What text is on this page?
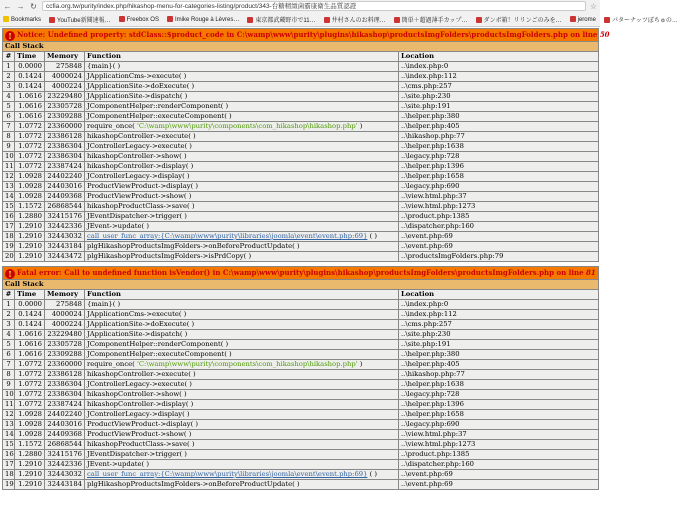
← → ↻	ccfia.org.tw/purity/index.php/hikashop-menu-for-categories-listing/product/343-台糖精緻菌霸康衛生品質認證	☆
Bookmarks	YouTube新聞速報…	Freebox OS	Imike Rouge à Lèvres…	東京都武蔵野市で11…	井村さんのお料理…	簡単＋超過薄手カップ…	ダンボ箱！リリンごのみを…	jerome	パターナッツぽちゅの…
! Notice: Undefined property: stdClass::$product_code in C:\wamp\www\purity\plugins\hikashop\productsImgFolders\productsImgFolders.php on line 50				
Call Stack				
#	Time	Memory	Function	Location
1	0.0000	275848	{main}( )	..\index.php:0
2	0.1424	4000024	JApplicationCms->execute( )	..\index.php:112
3	0.1424	4000224	JApplicationSite->doExecute( )	..\cms.php:257
4	1.0616	23229480	JApplicationSite->dispatch( )	..\site.php:230
5	1.0616	23305728	JComponentHelper::renderComponent( )	..\site.php:191
6	1.0616	23309288	JComponentHelper::executeComponent( )	..\helper.php:380
7	1.0772	23360000	require_once( 'C:\wamp\www\purity\components\com_hikashop\hikashop.php' )	..\helper.php:405
8	1.0772	23386128	hikashopController->execute( )	..\hikashop.php:77
9	1.0772	23386304	JControllerLegacy->execute( )	..\helper.php:1638
10	1.0772	23386304	hikashopController->show( )	..\legacy.php:728
11	1.0772	23387424	hikashopController->display( )	..\helper.php:1396
12	1.0928	24402240	JControllerLegacy->display( )	..\helper.php:1658
13	1.0928	24403016	ProductViewProduct->display( )	..\legacy.php:690
14	1.0928	24409368	ProductViewProduct->show( )	..\view.html.php:37
15	1.1572	26868544	hikashopProductClass->save( )	..\view.html.php:1273
16	1.2880	32415176	JEventDispatcher->trigger( )	..\product.php:1385
17	1.2910	32442336	JEvent->update( )	..\dispatcher.php:160
18	1.2910	32443032	call_user_func_array:{C:\wamp\www\purity\libraries\joomla\event\event.php:69} ( )	..\event.php:69
19	1.2910	32443184	plgHikashopProductsImgFolders->onBeforeProductUpdate( )	..\event.php:69
20	1.2910	32443472	plgHikashopProductsImgFolders->isPrdCopy( )	..\productsImgFolders.php:79
! Fatal error: Call to undefined function isVendor() in C:\wamp\www\purity\plugins\hikashop\productsImgFolders\productsImgFolders.php on line 81				
Call Stack				
#	Time	Memory	Function	Location
1	0.0000	275848	{main}( )	..\index.php:0
2	0.1424	4000024	JApplicationCms->execute( )	..\index.php:112
3	0.1424	4000224	JApplicationSite->doExecute( )	..\cms.php:257
4	1.0616	23229480	JApplicationSite->dispatch( )	..\site.php:230
5	1.0616	23305728	JComponentHelper::renderComponent( )	..\site.php:191
6	1.0616	23309288	JComponentHelper::executeComponent( )	..\helper.php:380
7	1.0772	23360000	require_once( 'C:\wamp\www\purity\components\com_hikashop\hikashop.php' )	..\helper.php:405
8	1.0772	23386128	hikashopController->execute( )	..\hikashop.php:77
9	1.0772	23386304	JControllerLegacy->execute( )	..\helper.php:1638
10	1.0772	23386304	hikashopController->show( )	..\legacy.php:728
11	1.0772	23387424	hikashopController->display( )	..\helper.php:1396
12	1.0928	24402240	JControllerLegacy->display( )	..\helper.php:1658
13	1.0928	24403016	ProductViewProduct->display( )	..\legacy.php:690
14	1.0928	24409368	ProductViewProduct->show( )	..\view.html.php:37
15	1.1572	26868544	hikashopProductClass->save( )	..\view.html.php:1273
16	1.2880	32415176	JEventDispatcher->trigger( )	..\product.php:1385
17	1.2910	32442336	JEvent->update( )	..\dispatcher.php:160
18	1.2910	32443032	call_user_func_array:{C:\wamp\www\purity\libraries\joomla\event\event.php:69} ( )	..\event.php:69
19	1.2910	32443184	plgHikashopProductsImgFolders->onBeforeProductUpdate( )	..\event.php:69
